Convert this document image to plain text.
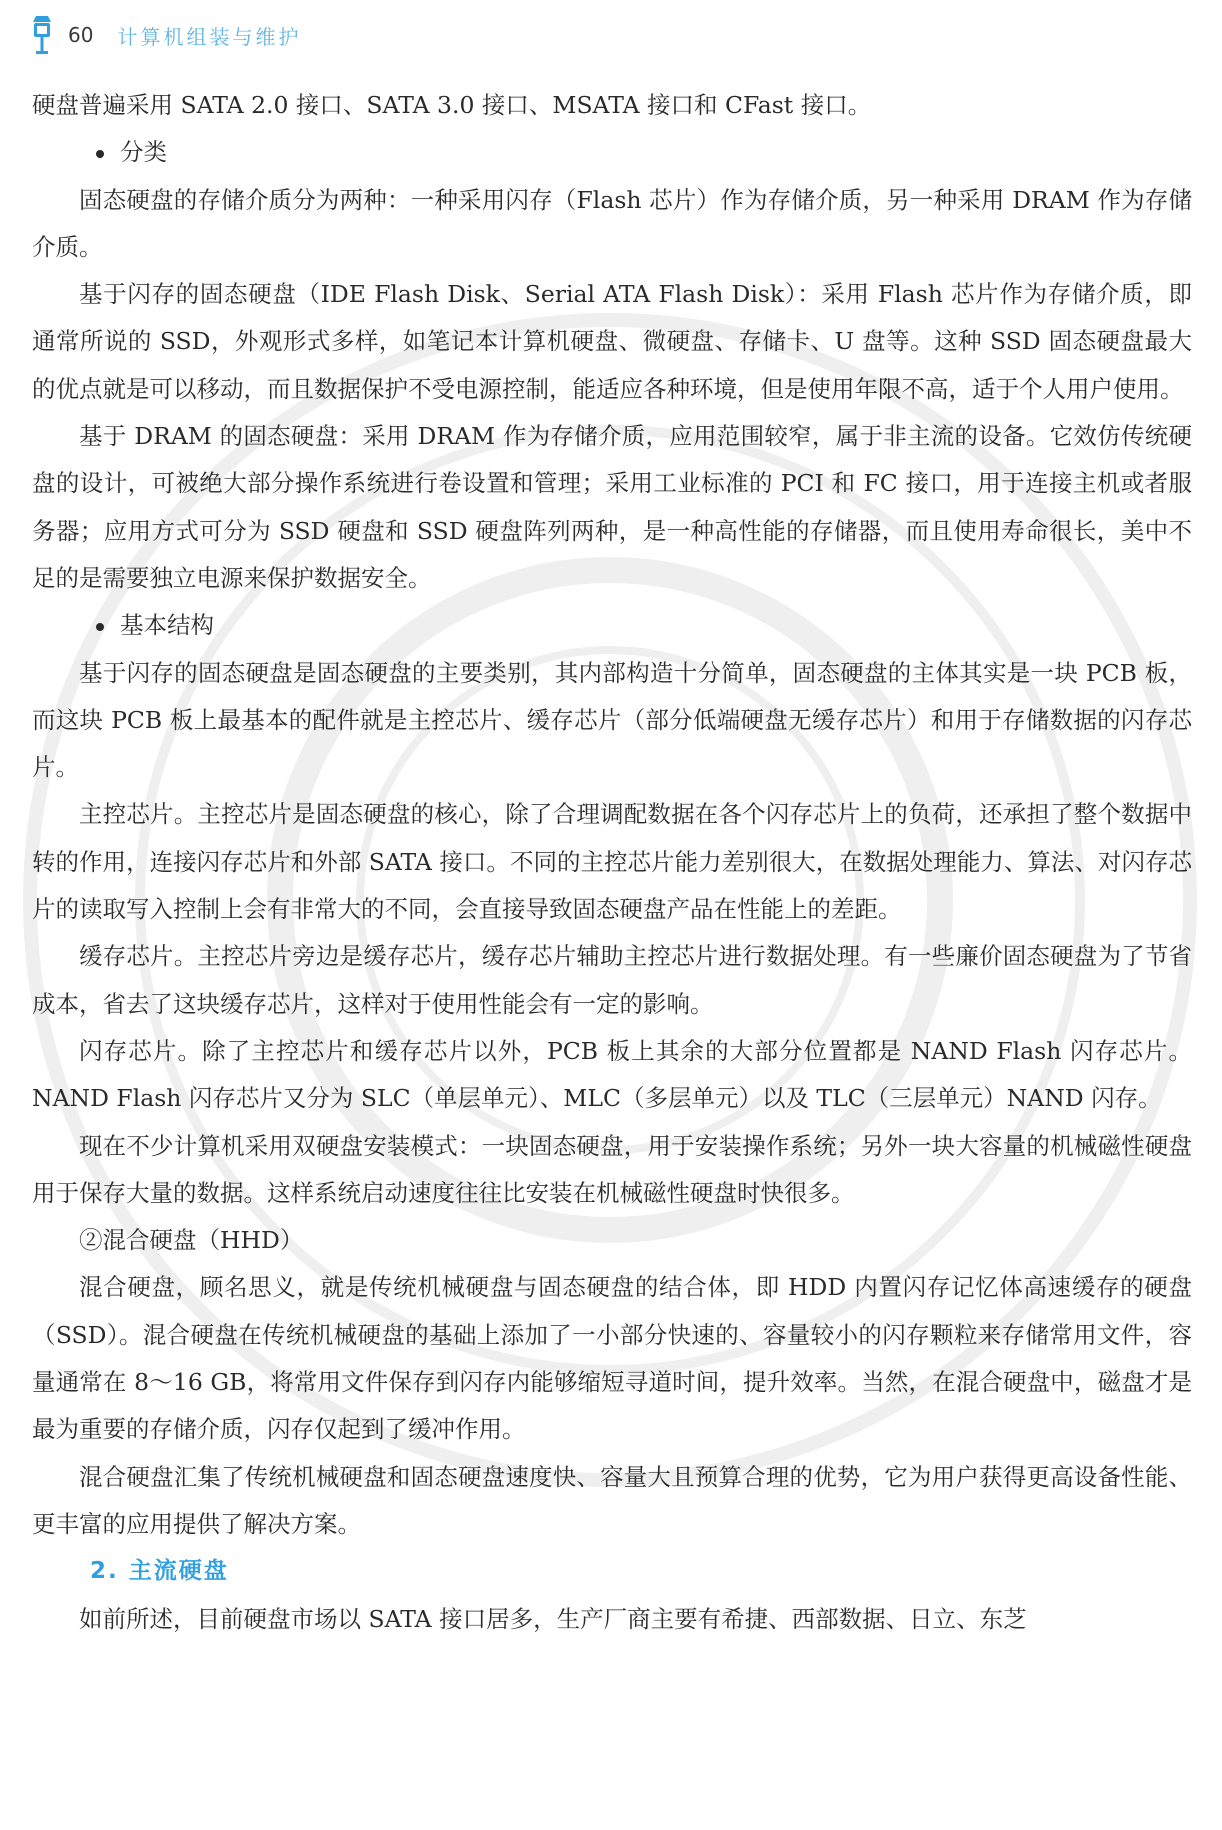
60 计算机组装与维护

硬盘普遍采用 SATA 2.0 接口、SATA 3.0 接口、MSATA 接口和 CFast 接口。

分类

固态硬盘的存储介质分为两种：一种采用闪存（Flash 芯片）作为存储介质，另一种采用 DRAM 作为存储介质。

基于闪存的固态硬盘（IDE Flash Disk、Serial ATA Flash Disk）：采用 Flash 芯片作为存储介质，即通常所说的 SSD，外观形式多样，如笔记本计算机硬盘、微硬盘、存储卡、U 盘等。这种 SSD 固态硬盘最大的优点就是可以移动，而且数据保护不受电源控制，能适应各种环境，但是使用年限不高，适于个人用户使用。

基于 DRAM 的固态硬盘：采用 DRAM 作为存储介质，应用范围较窄，属于非主流的设备。它效仿传统硬盘的设计，可被绝大部分操作系统进行卷设置和管理；采用工业标准的 PCI 和 FC 接口，用于连接主机或者服务器；应用方式可分为 SSD 硬盘和 SSD 硬盘阵列两种，是一种高性能的存储器，而且使用寿命很长，美中不足的是需要独立电源来保护数据安全。

基本结构

基于闪存的固态硬盘是固态硬盘的主要类别，其内部构造十分简单，固态硬盘的主体其实是一块 PCB 板，而这块 PCB 板上最基本的配件就是主控芯片、缓存芯片（部分低端硬盘无缓存芯片）和用于存储数据的闪存芯片。

主控芯片。主控芯片是固态硬盘的核心，除了合理调配数据在各个闪存芯片上的负荷，还承担了整个数据中转的作用，连接闪存芯片和外部 SATA 接口。不同的主控芯片能力差别很大，在数据处理能力、算法、对闪存芯片的读取写入控制上会有非常大的不同，会直接导致固态硬盘产品在性能上的差距。

缓存芯片。主控芯片旁边是缓存芯片，缓存芯片辅助主控芯片进行数据处理。有一些廉价固态硬盘为了节省成本，省去了这块缓存芯片，这样对于使用性能会有一定的影响。

闪存芯片。除了主控芯片和缓存芯片以外，PCB 板上其余的大部分位置都是 NAND Flash 闪存芯片。NAND Flash 闪存芯片又分为 SLC（单层单元）、MLC（多层单元）以及 TLC（三层单元）NAND 闪存。

现在不少计算机采用双硬盘安装模式：一块固态硬盘，用于安装操作系统；另外一块大容量的机械磁性硬盘用于保存大量的数据。这样系统启动速度往往比安装在机械磁性硬盘时快很多。

②混合硬盘（HHD）

混合硬盘，顾名思义，就是传统机械硬盘与固态硬盘的结合体，即 HDD 内置闪存记忆体高速缓存的硬盘（SSD）。混合硬盘在传统机械硬盘的基础上添加了一小部分快速的、容量较小的闪存颗粒来存储常用文件，容量通常在 8～16 GB，将常用文件保存到闪存内能够缩短寻道时间，提升效率。当然，在混合硬盘中，磁盘才是最为重要的存储介质，闪存仅起到了缓冲作用。

混合硬盘汇集了传统机械硬盘和固态硬盘速度快、容量大且预算合理的优势，它为用户获得更高设备性能、更丰富的应用提供了解决方案。

2. 主流硬盘

如前所述，目前硬盘市场以 SATA 接口居多，生产厂商主要有希捷、西部数据、日立、东芝
